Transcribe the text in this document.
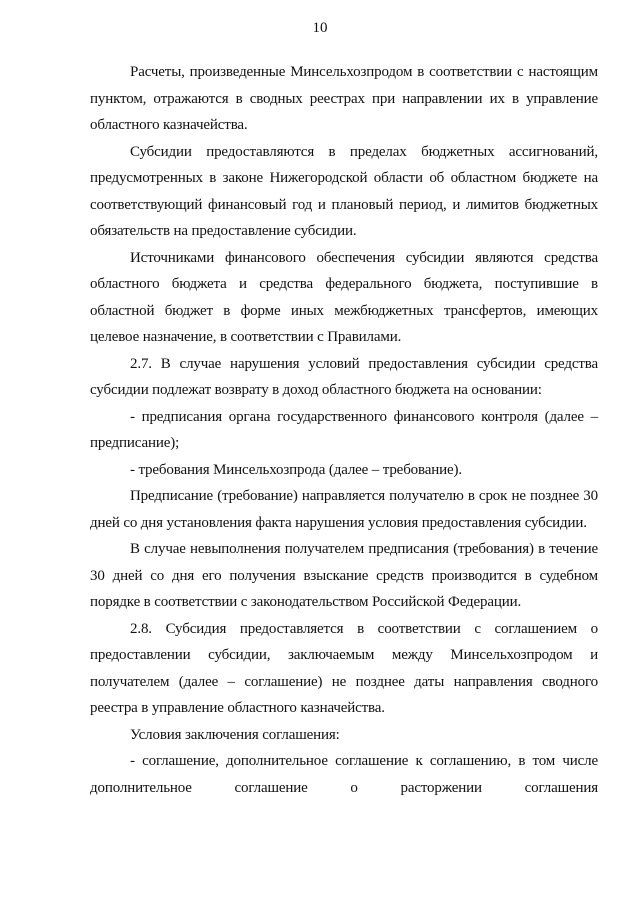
10

Расчеты, произведенные Минсельхозпродом в соответствии с настоящим пунктом, отражаются в сводных реестрах при направлении их в управление областного казначейства.

Субсидии предоставляются в пределах бюджетных ассигнований, предусмотренных в законе Нижегородской области об областном бюджете на соответствующий финансовый год и плановый период, и лимитов бюджетных обязательств на предоставление субсидии.

Источниками финансового обеспечения субсидии являются средства областного бюджета и средства федерального бюджета, поступившие в областной бюджет в форме иных межбюджетных трансфертов, имеющих целевое назначение, в соответствии с Правилами.

2.7. В случае нарушения условий предоставления субсидии средства субсидии подлежат возврату в доход областного бюджета на основании:

- предписания органа государственного финансового контроля (далее – предписание);

- требования Минсельхозпрода (далее – требование).

Предписание (требование) направляется получателю в срок не позднее 30 дней со дня установления факта нарушения условия предоставления субсидии.

В случае невыполнения получателем предписания (требования) в течение 30 дней со дня его получения взыскание средств производится в судебном порядке в соответствии с законодательством Российской Федерации.

2.8. Субсидия предоставляется в соответствии с соглашением о предоставлении субсидии, заключаемым между Минсельхозпродом и получателем (далее – соглашение) не позднее даты направления сводного реестра в управление областного казначейства.

Условия заключения соглашения:

- соглашение, дополнительное соглашение к соглашению, в том числе дополнительное соглашение о расторжении соглашения
